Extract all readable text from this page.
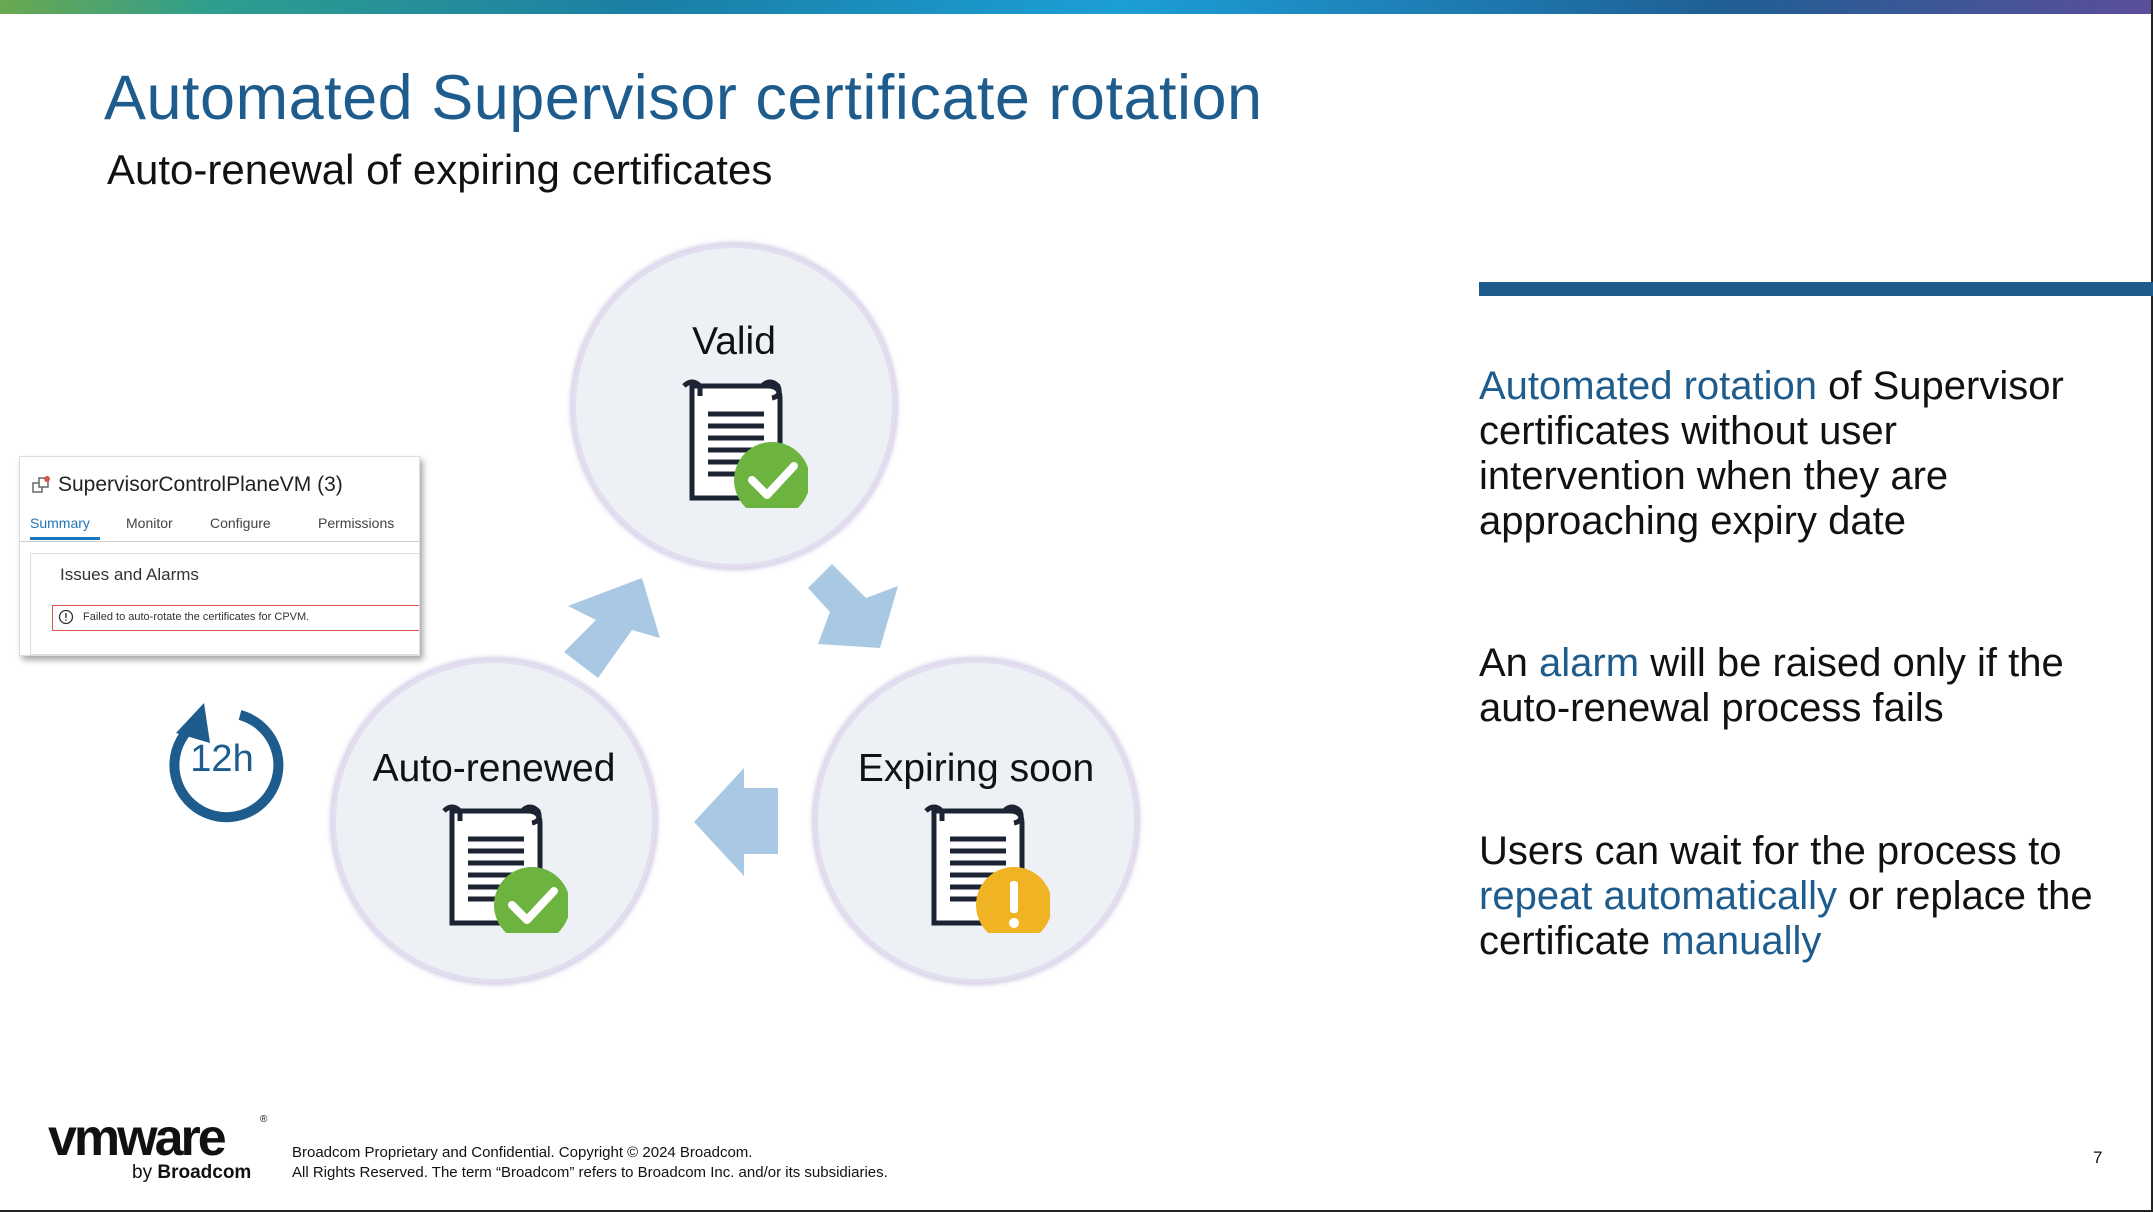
Automated Supervisor certificate rotation
Auto-renewal of expiring certificates
Valid
Expiring soon
Auto-renewed
SupervisorControlPlaneVM (3)
Summary	Monitor	Configure	Permissions
Issues and Alarms
Failed to auto-rotate the certificates for CPVM.
12h
Automated rotation of Supervisor certificates without user intervention when they are approaching expiry date
An alarm will be raised only if the auto-renewal process fails
Users can wait for the process to repeat automatically or replace the certificate manually
vmware	®
by Broadcom
Broadcom Proprietary and Confidential. Copyright © 2024 Broadcom.
All Rights Reserved. The term “Broadcom” refers to Broadcom Inc. and/or its subsidiaries.
7
